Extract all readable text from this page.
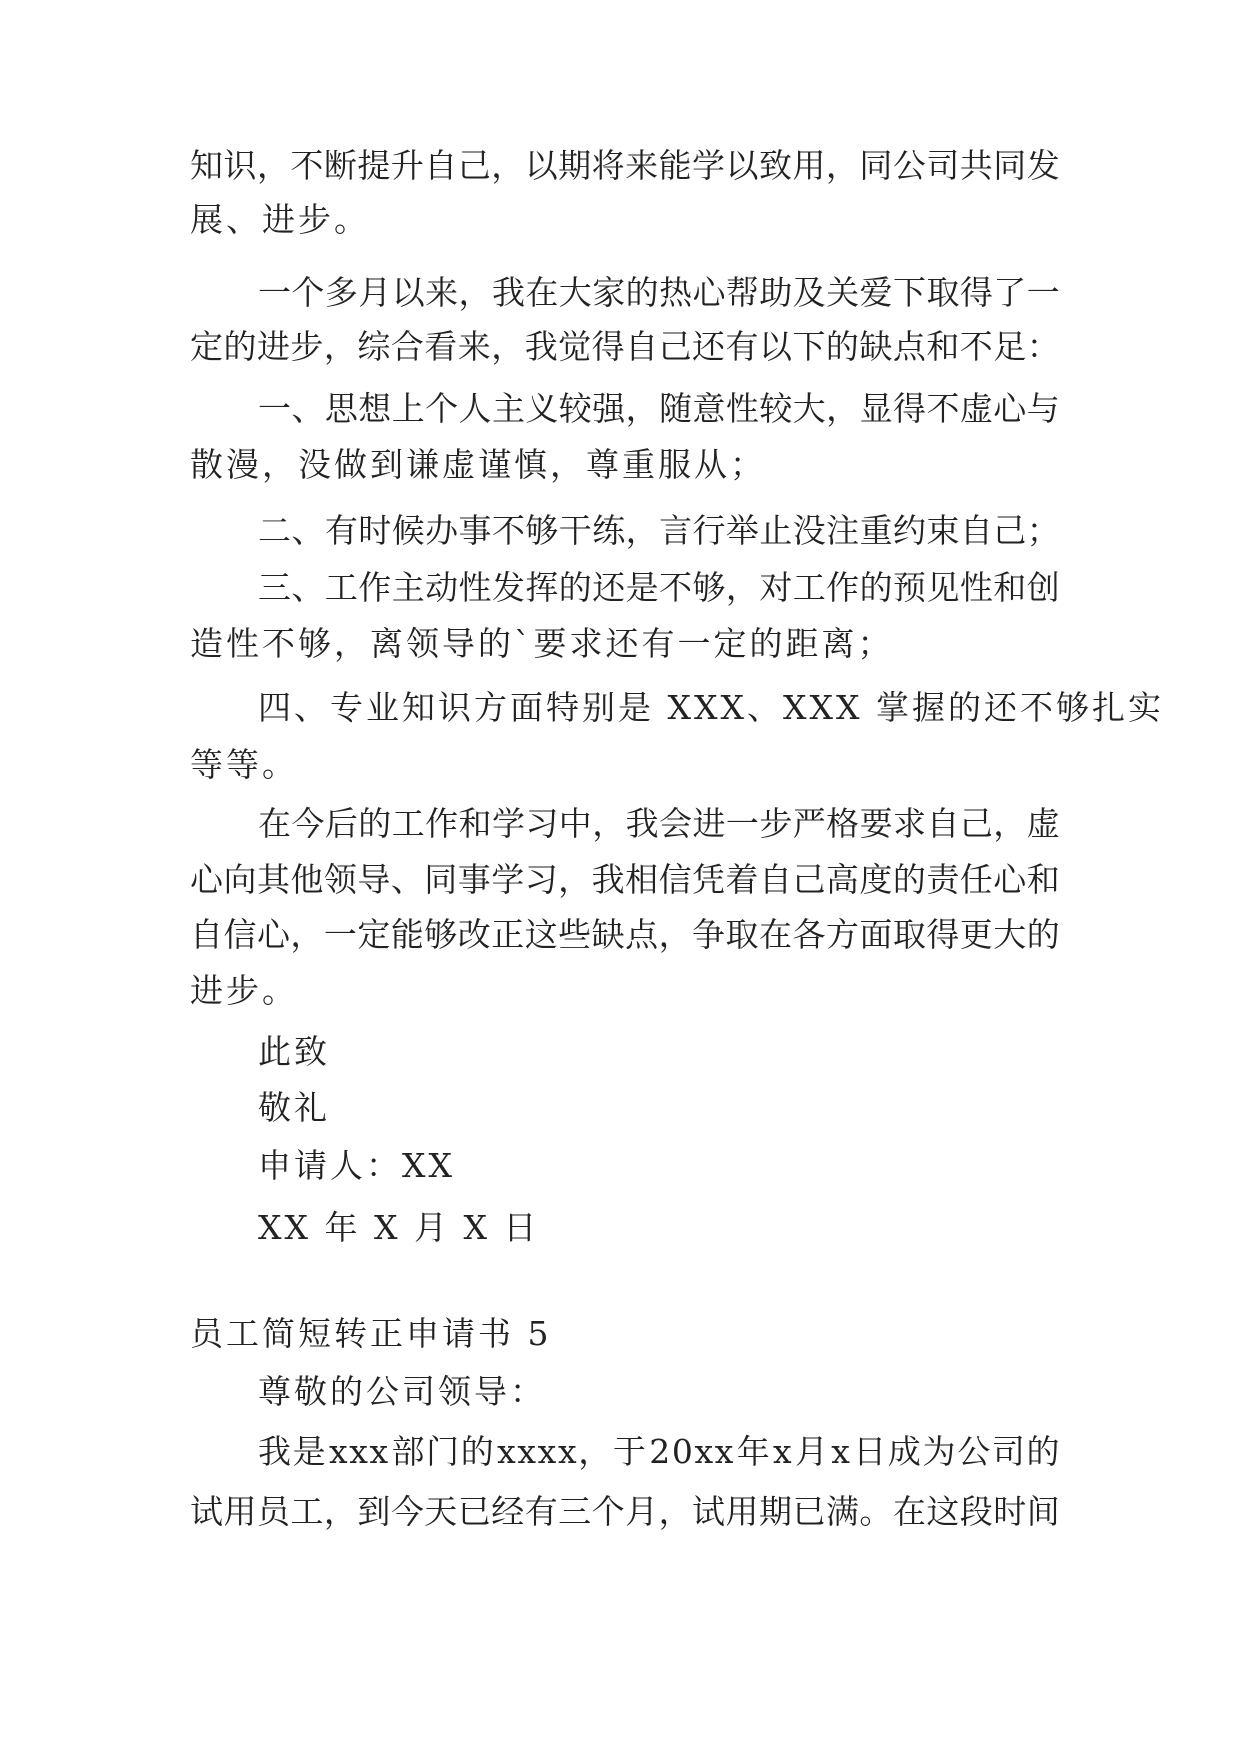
知 识 ， 不 断 提 升 自 己 ， 以 期 将 来 能 学 以 致 用 ， 同 公 司 共 同 发
展、进步。
一 个 多 月 以 来 ， 我 在 大 家 的 热 心 帮 助 及 关 爱 下 取 得 了 一
定 的 进 步 ， 综 合 看 来 ， 我 觉 得 自 己 还 有 以 下 的 缺 点 和 不 足 ：
一 、 思 想 上 个 人 主 义 较 强 ， 随 意 性 较 大 ， 显 得 不 虚 心 与
散漫，没做到谦虚谨慎，尊重服从；
二 、 有 时 候 办 事 不 够 干 练 ， 言 行 举 止 没 注 重 约 束 自 己 ；
三 、 工 作 主 动 性 发 挥 的 还 是 不 够 ， 对 工 作 的 预 见 性 和 创
造性不够，离领导的`要求还有一定的距离；
四、专业知识方面特别是 XXX、XXX 掌握的还不够扎实
等等。
在 今 后 的 工 作 和 学 习 中 ， 我 会 进 一 步 严 格 要 求 自 己 ， 虚
心 向 其 他 领 导 、 同 事 学 习 ， 我 相 信 凭 着 自 己 高 度 的 责 任 心 和
自 信 心 ， 一 定 能 够 改 正 这 些 缺 点 ， 争 取 在 各 方 面 取 得 更 大 的
进步。
此致
敬礼
申请人：XX
XX 年 X 月 X 日
员工简短转正申请书 5
尊敬的公司领导：
我 是 x x x 部 门 的 x x x x ， 于 2 0 x x 年 x 月 x 日 成 为 公 司 的
试 用 员 工 ， 到 今 天 已 经 有 三 个 月 ， 试 用 期 已 满 。 在 这 段 时 间
